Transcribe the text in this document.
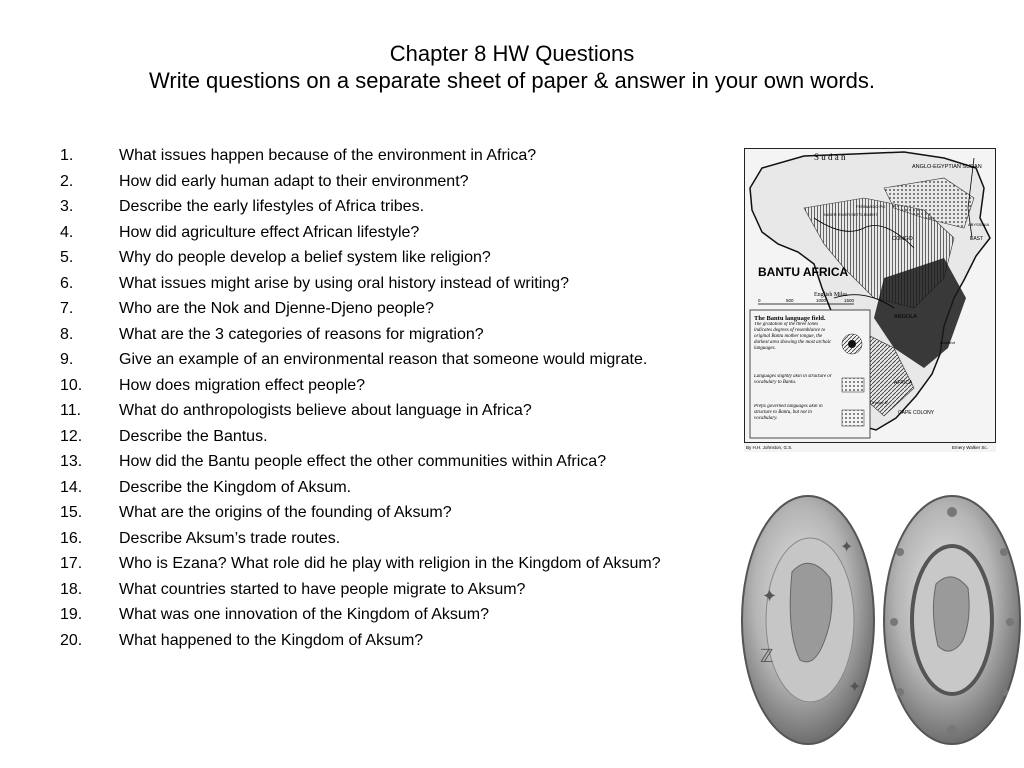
Chapter 8 HW Questions
Write questions on a separate sheet of paper & answer in your own words.
1.	What issues happen because of the environment in Africa?
2.	How did early human adapt to their environment?
3.	Describe the early lifestyles of Africa tribes.
4.	How did agriculture effect African lifestyle?
5.	Why do people develop a belief system like religion?
6.	What issues might arise by using oral history instead of writing?
7.	Who are the Nok and Djenne-Djeno people?
8.	What are the 3 categories of reasons for migration?
9.	Give an example of an environmental reason that someone would migrate.
10.	How does migration effect people?
11.	What do anthropologists believe about language in Africa?
12.	Describe the Bantus.
13.	How did the Bantu people effect the other communities within Africa?
14.	Describe the Kingdom of Aksum.
15.	What are the origins of the founding of Aksum?
16.	Describe Aksum’s trade routes.
17.	Who is Ezana? What role did he play with religion in the Kingdom of Aksum?
18.	What countries started to have people migrate to Aksum?
19.	What was one innovation of the Kingdom of Aksum?
20.	What happened to the Kingdom of Aksum?
S u d a n
ANGLO-EGYPTIAN SUDAN
FERNANDO PO
NIGER RIVER SETTLEMENT
CONGO
ANGOLA
AFRICA
CAPE COLONY
Orange R.
Zambezi
EAST
ABYSSINIA
BANTU AFRICA
English Miles
0	500	1000	1500
The Bantu language field.
The gradation of the three tones indicates degrees of resemblance to original Bantu mother tongue, the darkest area showing the most archaic languages.
Languages slightly akin in structure or vocabulary to Bantu.
Prefix governed languages akin in structure to Bantu, but not in vocabulary.
By H.H. Johnston, G.S.	Emery Walker Sc.
✦
ℤ
✦
✦
